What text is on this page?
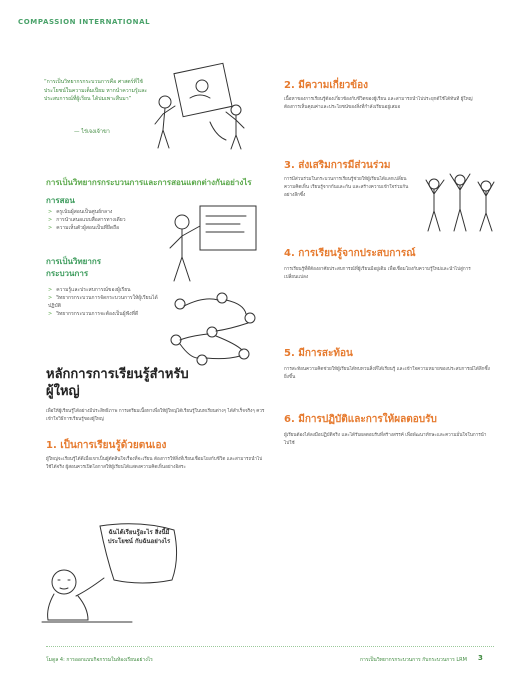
COMPASSION INTERNATIONAL
“การเป็นวิทยากรกระบวนการคือ ศาสตร์ที่ใช้ประโยชน์ในความเต็มเปี่ยม หากนำความรู้และประสบการณ์ที่ผู้เรียน ได้บ่มเพาะสืบมา”
— ไร่เจงเจ้าขา
การเป็นวิทยากรกระบวนการและการสอนแตกต่างกันอย่างไร
การสอน
> ครูเน้นผู้สอนเป็นศูนย์กลาง
> การนำเสนอแบบสื่อสารทางเดียว
> ความเห็นตัวผู้สอนเป็นที่ยึดถือ
การเป็นวิทยากรกระบวนการ
> ความรู้และประสบการณ์ของผู้เรียน
> วิทยากรกระบวนการจัดกระบวนการให้ผู้เรียนได้ปฏิบัติ
> วิทยากรกระบวนการจะต้องเป็นผู้ฟังที่ดี
หลักการการเรียนรู้สำหรับผู้ใหญ่
เพื่อให้ผู้เรียนรู้ได้อย่างมีประสิทธิภาพ การเตรียมเนื้อหาเพื่อให้ผู้ใหญ่ได้เรียนรู้ในบทเรียนต่างๆ ได้สำเร็จจริงๆ ควรเข้าใจวิธีการเรียนรู้ของผู้ใหญ่
1. เป็นการเรียนรู้ด้วยตนเอง
ผู้ใหญ่จะเรียนรู้ได้ดีเมื่อเขาเป็นผู้ตัดสินใจเรื่องที่จะเรียน ต้องการให้สิ่งที่เรียนเชื่อมโยงกับชีวิต และสามารถนำไปใช้ได้จริง ผู้สอนควรเปิดโอกาสให้ผู้เรียนได้แสดงความคิดเห็นอย่างอิสระ
ฉันได้เรียนรู้อะไร สิ่งนี้มีประโยชน์ กับฉันอย่างไร
2. มีความเกี่ยวข้อง
เนื้อหาของการเรียนรู้ต้องเกี่ยวข้องกับชีวิตของผู้เรียน และสามารถนำไปประยุกต์ใช้ได้ทันที ผู้ใหญ่ต้องการเห็นคุณค่าและประโยชน์ของสิ่งที่กำลังเรียนอยู่เสมอ
3. ส่งเสริมการมีส่วนร่วม
การมีส่วนร่วมในกระบวนการเรียนรู้ช่วยให้ผู้เรียนได้แลกเปลี่ยนความคิดเห็น เรียนรู้จากกันและกัน และสร้างความเข้าใจร่วมกันอย่างลึกซึ้ง
4. การเรียนรู้จากประสบการณ์
การเรียนรู้ที่ดีต้องอาศัยประสบการณ์ที่ผู้เรียนมีอยู่เดิม เพื่อเชื่อมโยงกับความรู้ใหม่และนำไปสู่การเปลี่ยนแปลง
5. มีการสะท้อน
การสะท้อนความคิดช่วยให้ผู้เรียนได้ทบทวนสิ่งที่ได้เรียนรู้ และเข้าใจความหมายของประสบการณ์ได้ลึกซึ้งยิ่งขึ้น
6. มีการปฏิบัติและการให้ผลตอบรับ
ผู้เรียนต้องได้ลงมือปฏิบัติจริง และได้รับผลตอบรับที่สร้างสรรค์ เพื่อพัฒนาทักษะและความมั่นใจในการนำไปใช้
โมดูล 4: การออกแบบกิจกรรมในห้องเรียนอย่างไร	การเป็นวิทยากรกระบวนการ กับกระบวนการ LRM 3
